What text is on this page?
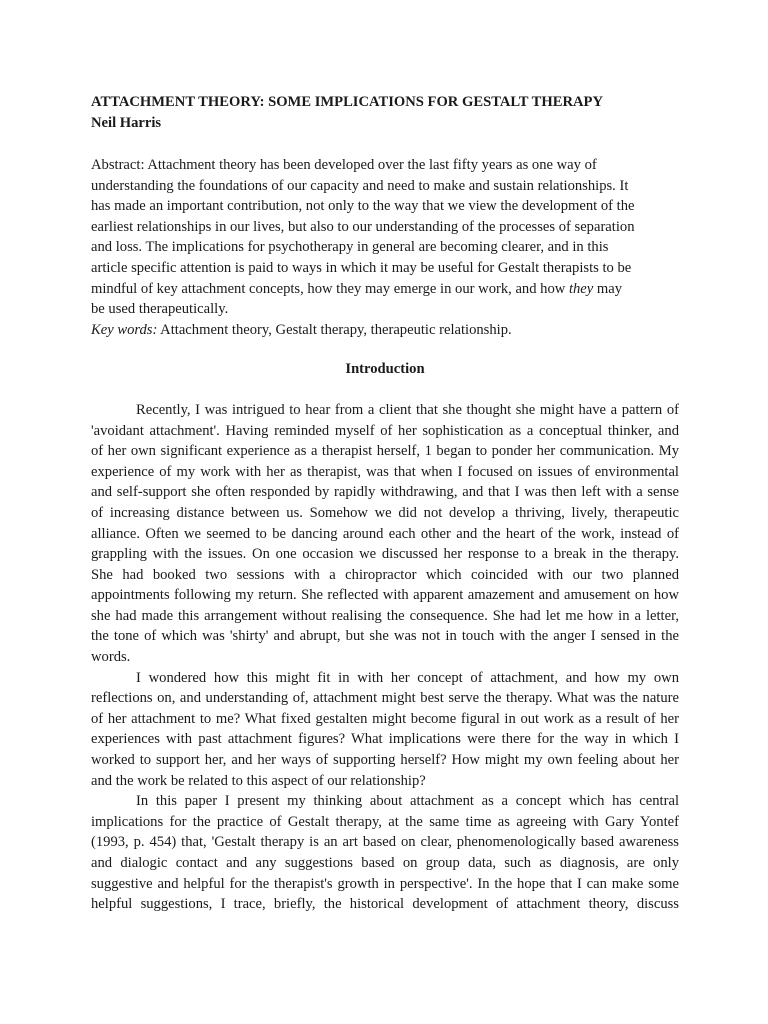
ATTACHMENT THEORY: SOME IMPLICATIONS FOR GESTALT THERAPY
Neil Harris
Abstract: Attachment theory has been developed over the last fifty years as one way of
understanding the foundations of our capacity and need to make and sustain relationships. It
has made an important contribution, not only to the way that we view the development of the
earliest relationships in our lives, but also to our understanding of the processes of separation
and loss. The implications for psychotherapy in general are becoming clearer, and in this
article specific attention is paid to ways in which it may be useful for Gestalt therapists to be
mindful of key attachment concepts, how they may emerge in our work, and how they may
be used therapeutically.
Key words: Attachment theory, Gestalt therapy, therapeutic relationship.
Introduction
Recently, I was intrigued to hear from a client that she thought she might have a pattern of
'avoidant attachment'. Having reminded myself of her sophistication as a conceptual thinker, and
of her own significant experience as a therapist herself, 1 began to ponder her communication. My
experience of my work with her as therapist, was that when I focused on issues of environmental
and self-support she often responded by rapidly withdrawing, and that I was then left with a sense
of increasing distance between us. Somehow we did not develop a thriving, lively, therapeutic
alliance. Often we seemed to be dancing around each other and the heart of the work, instead of
grappling with the issues. On one occasion we discussed her response to a break in the therapy.
She had booked two sessions with a chiropractor which coincided with our two planned
appointments following my return. She reflected with apparent amazement and amusement on how
she had made this arrangement without realising the consequence. She had let me how in a letter,
the tone of which was 'shirty' and abrupt, but she was not in touch with the anger I sensed in the
words.
I wondered how this might fit in with her concept of attachment, and how my own
reflections on, and understanding of, attachment might best serve the therapy. What was the nature
of her attachment to me? What fixed gestalten might become figural in out work as a result of her
experiences with past attachment figures? What implications were there for the way in which I
worked to support her, and her ways of supporting herself? How might my own feeling about her
and the work be related to this aspect of our relationship?
In this paper I present my thinking about attachment as a concept which has central
implications for the practice of Gestalt therapy, at the same time as agreeing with Gary Yontef
(1993, p. 454) that, 'Gestalt therapy is an art based on clear, phenomenologically based awareness
and dialogic contact and any suggestions based on group data, such as diagnosis, are only
suggestive and helpful for the therapist's growth in perspective'. In the hope that I can make some
helpful suggestions, I trace, briefly, the historical development of attachment theory, discuss
